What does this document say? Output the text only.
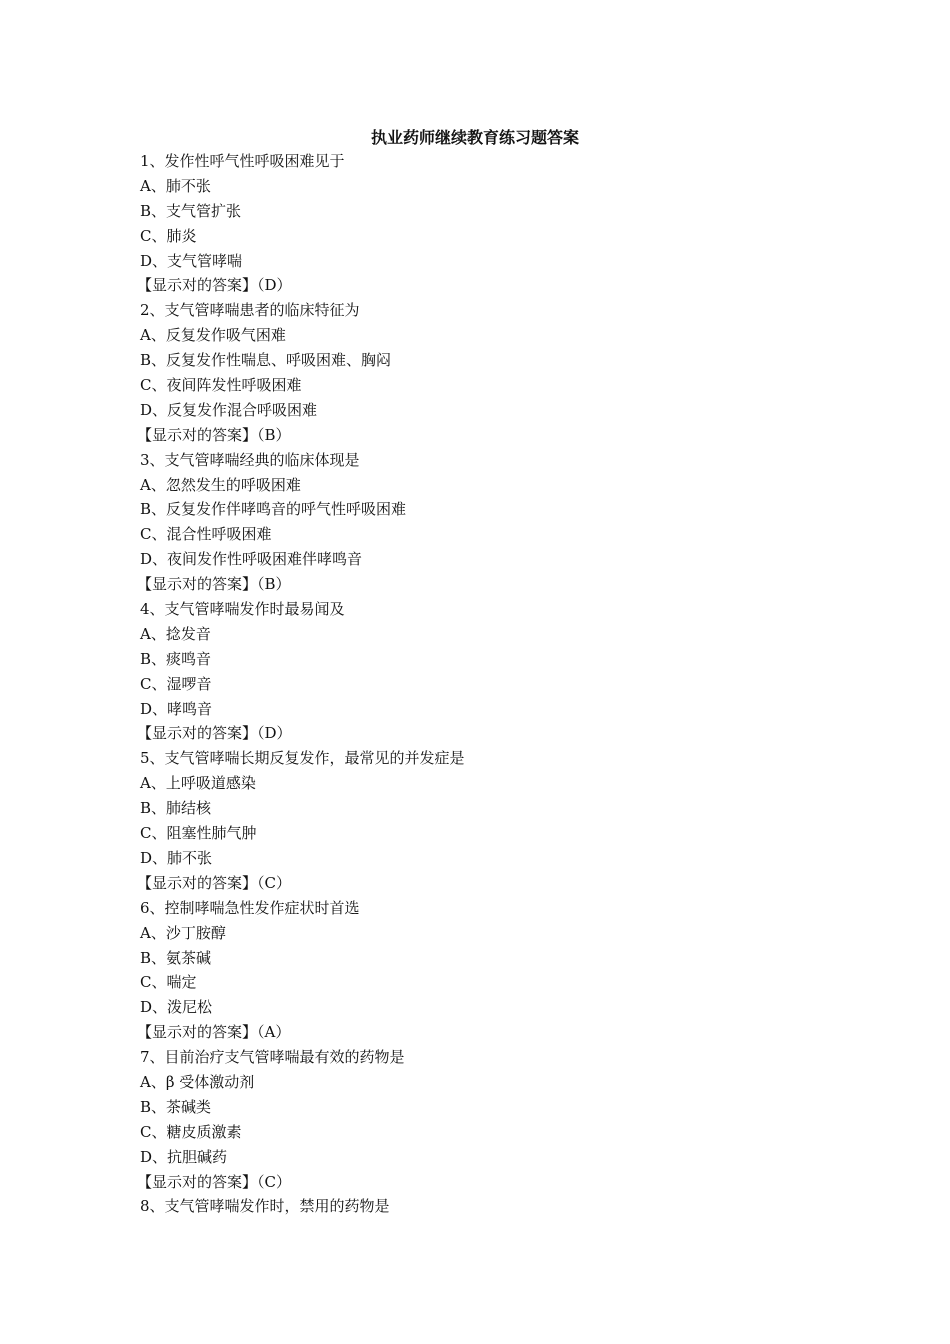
执业药师继续教育练习题答案
1、发作性呼气性呼吸困难见于
A、肺不张
B、支气管扩张
C、肺炎
D、支气管哮喘
【显示对的答案】（D）
2、支气管哮喘患者的临床特征为
A、反复发作吸气困难
B、反复发作性喘息、呼吸困难、胸闷
C、夜间阵发性呼吸困难
D、反复发作混合呼吸困难
【显示对的答案】（B）
3、支气管哮喘经典的临床体现是
A、忽然发生的呼吸困难
B、反复发作伴哮鸣音的呼气性呼吸困难
C、混合性呼吸困难
D、夜间发作性呼吸困难伴哮鸣音
【显示对的答案】（B）
4、支气管哮喘发作时最易闻及
A、捻发音
B、痰鸣音
C、湿啰音
D、哮鸣音
【显示对的答案】（D）
5、支气管哮喘长期反复发作，最常见的并发症是
A、上呼吸道感染
B、肺结核
C、阻塞性肺气肿
D、肺不张
【显示对的答案】（C）
6、控制哮喘急性发作症状时首选
A、沙丁胺醇
B、氨茶碱
C、喘定
D、泼尼松
【显示对的答案】（A）
7、目前治疗支气管哮喘最有效的药物是
A、β 受体激动剂
B、茶碱类
C、糖皮质激素
D、抗胆碱药
【显示对的答案】（C）
8、支气管哮喘发作时，禁用的药物是
